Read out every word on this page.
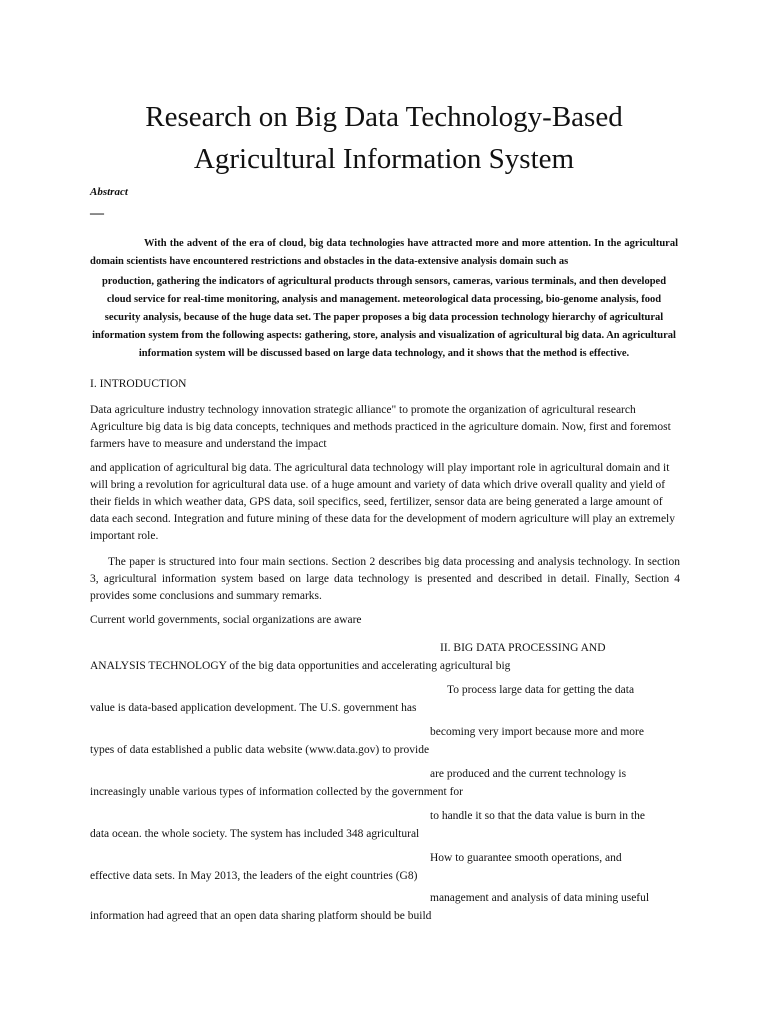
Research on Big Data Technology-Based
Agricultural Information System
Abstract
—
With the advent of the era of cloud, big data technologies have attracted more and more attention. In the agricultural domain scientists have encountered restrictions and obstacles in the data-extensive analysis domain such as
production, gathering the indicators of agricultural products through sensors, cameras, various terminals, and then developed cloud service for real-time monitoring, analysis and management. meteorological data processing, bio-genome analysis, food security analysis, because of the huge data set. The paper proposes a big data procession technology hierarchy of agricultural information system from the following aspects: gathering, store, analysis and visualization of agricultural big data. An agricultural information system will be discussed based on large data technology, and it shows that the method is effective.
I. INTRODUCTION
Data agriculture industry technology innovation strategic alliance" to promote the organization of agricultural research Agriculture big data is big data concepts, techniques and methods practiced in the agriculture domain. Now, first and foremost farmers have to measure and understand the impact
and application of agricultural big data. The agricultural data technology will play important role in agricultural domain and it will bring a revolution for agricultural data use. of a huge amount and variety of data which drive overall quality and yield of their fields in which weather data, GPS data, soil specifics, seed, fertilizer, sensor data are being generated a large amount of data each second. Integration and future mining of these data for the development of modern agriculture will play an extremely important role.
The paper is structured into four main sections. Section 2 describes big data processing and analysis technology. In section 3, agricultural information system based on large data technology is presented and described in detail. Finally, Section 4 provides some conclusions and summary remarks.
Current world governments, social organizations are aware
II. BIG DATA PROCESSING AND
ANALYSIS TECHNOLOGY of the big data opportunities and accelerating agricultural big
To process large data for getting the data
value is data-based application development. The U.S. government has
becoming very import because more and more
types of data established a public data website (www.data.gov) to provide
are produced and the current technology is
increasingly unable various types of information collected by the government for
to handle it so that the data value is burn in the
data ocean. the whole society. The system has included 348 agricultural
How to guarantee smooth operations, and
effective data sets. In May 2013, the leaders of the eight countries (G8)
management and analysis of data mining useful
information had agreed that an open data sharing platform should be build
